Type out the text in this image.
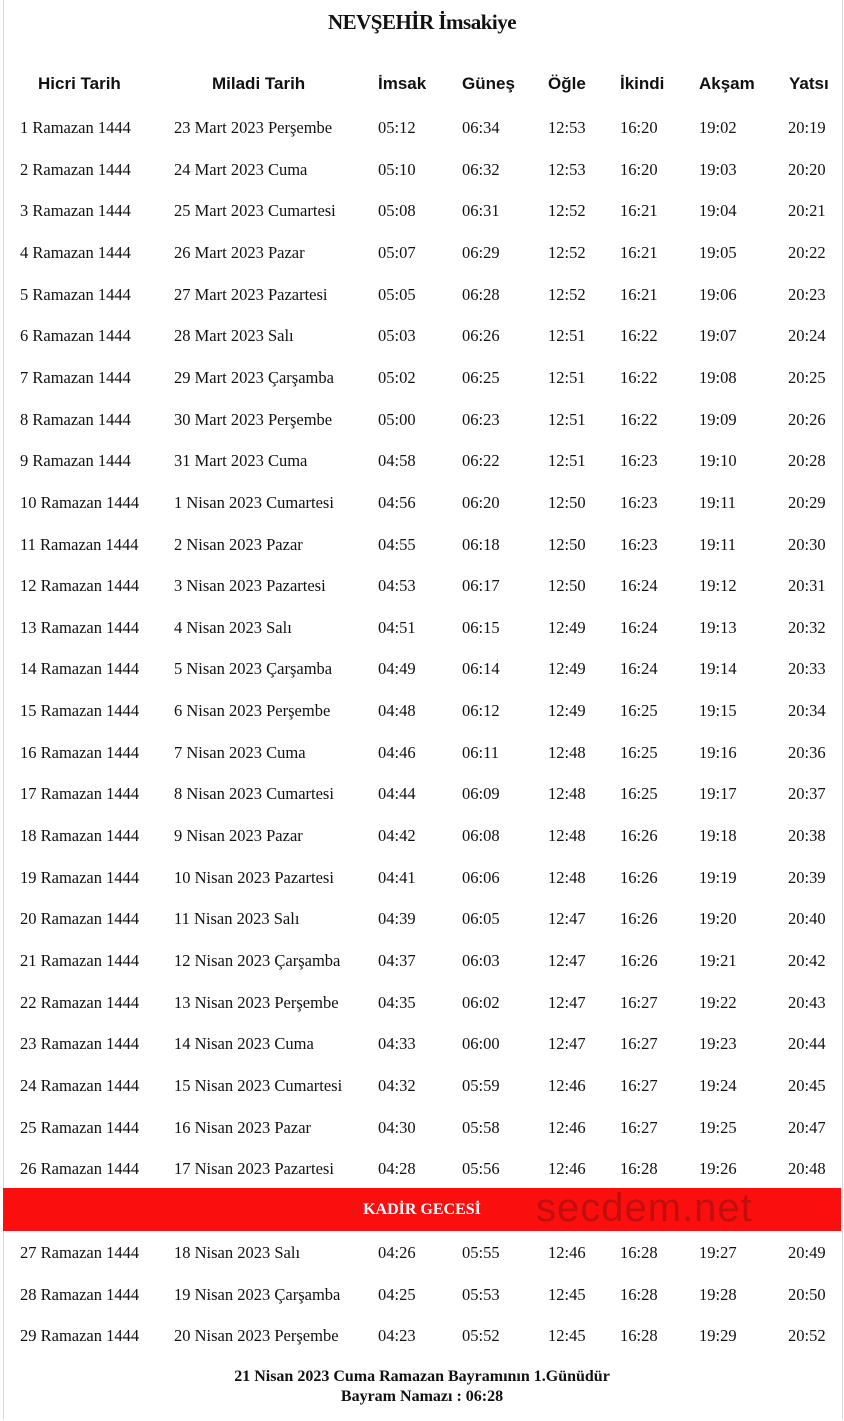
NEVŞEHİR İmsakiye
Hicri Tarih	Miladi Tarih	İmsak Güneş Öğle İkindi Akşam Yatsı
1 Ramazan 1444	23 Mart 2023 Perşembe	05:12	06:34	12:53 16:20	19:02	20:19
2 Ramazan 1444	24 Mart 2023 Cuma	05:10	06:32	12:53 16:20	19:03	20:20
3 Ramazan 1444	25 Mart 2023 Cumartesi	05:08	06:31	12:52 16:21	19:04	20:21
4 Ramazan 1444	26 Mart 2023 Pazar	05:07	06:29	12:52 16:21	19:05	20:22
5 Ramazan 1444	27 Mart 2023 Pazartesi	05:05	06:28	12:52 16:21	19:06	20:23
6 Ramazan 1444	28 Mart 2023 Salı	05:03	06:26	12:51 16:22	19:07	20:24
7 Ramazan 1444	29 Mart 2023 Çarşamba	05:02	06:25	12:51 16:22	19:08	20:25
8 Ramazan 1444	30 Mart 2023 Perşembe	05:00	06:23	12:51 16:22	19:09	20:26
9 Ramazan 1444	31 Mart 2023 Cuma	04:58	06:22	12:51 16:23	19:10	20:28
10 Ramazan 1444 1 Nisan 2023 Cumartesi	04:56	06:20	12:50 16:23	19:11	20:29
11 Ramazan 1444 2 Nisan 2023 Pazar	04:55	06:18	12:50 16:23	19:11	20:30
12 Ramazan 1444 3 Nisan 2023 Pazartesi	04:53	06:17	12:50 16:24	19:12	20:31
13 Ramazan 1444 4 Nisan 2023 Salı	04:51	06:15	12:49 16:24	19:13	20:32
14 Ramazan 1444 5 Nisan 2023 Çarşamba	04:49	06:14	12:49 16:24	19:14	20:33
15 Ramazan 1444 6 Nisan 2023 Perşembe	04:48	06:12	12:49 16:25	19:15	20:34
16 Ramazan 1444 7 Nisan 2023 Cuma	04:46	06:11	12:48 16:25	19:16	20:36
17 Ramazan 1444 8 Nisan 2023 Cumartesi	04:44	06:09	12:48 16:25	19:17	20:37
18 Ramazan 1444 9 Nisan 2023 Pazar	04:42	06:08	12:48 16:26	19:18	20:38
19 Ramazan 1444 10 Nisan 2023 Pazartesi	04:41	06:06	12:48 16:26	19:19	20:39
20 Ramazan 1444 11 Nisan 2023 Salı	04:39	06:05	12:47 16:26	19:20	20:40
21 Ramazan 1444 12 Nisan 2023 Çarşamba 04:37	06:03	12:47 16:26	19:21	20:42
22 Ramazan 1444 13 Nisan 2023 Perşembe 04:35	06:02	12:47 16:27	19:22	20:43
23 Ramazan 1444 14 Nisan 2023 Cuma	04:33	06:00	12:47 16:27	19:23	20:44
24 Ramazan 1444 15 Nisan 2023 Cumartesi 04:32	05:59	12:46 16:27	19:24	20:45
25 Ramazan 1444 16 Nisan 2023 Pazar	04:30	05:58	12:46 16:27	19:25	20:47
26 Ramazan 1444 17 Nisan 2023 Pazartesi	04:28	05:56	12:46 16:28	19:26	20:48
KADİR GECESİ	secdem.net
27 Ramazan 1444 18 Nisan 2023 Salı	04:26	05:55	12:46 16:28	19:27	20:49
28 Ramazan 1444 19 Nisan 2023 Çarşamba 04:25	05:53	12:45 16:28	19:28	20:50
29 Ramazan 1444 20 Nisan 2023 Perşembe 04:23	05:52	12:45 16:28	19:29	20:52
21 Nisan 2023 Cuma Ramazan Bayramının 1.Günüdür
Bayram Namazı : 06:28
